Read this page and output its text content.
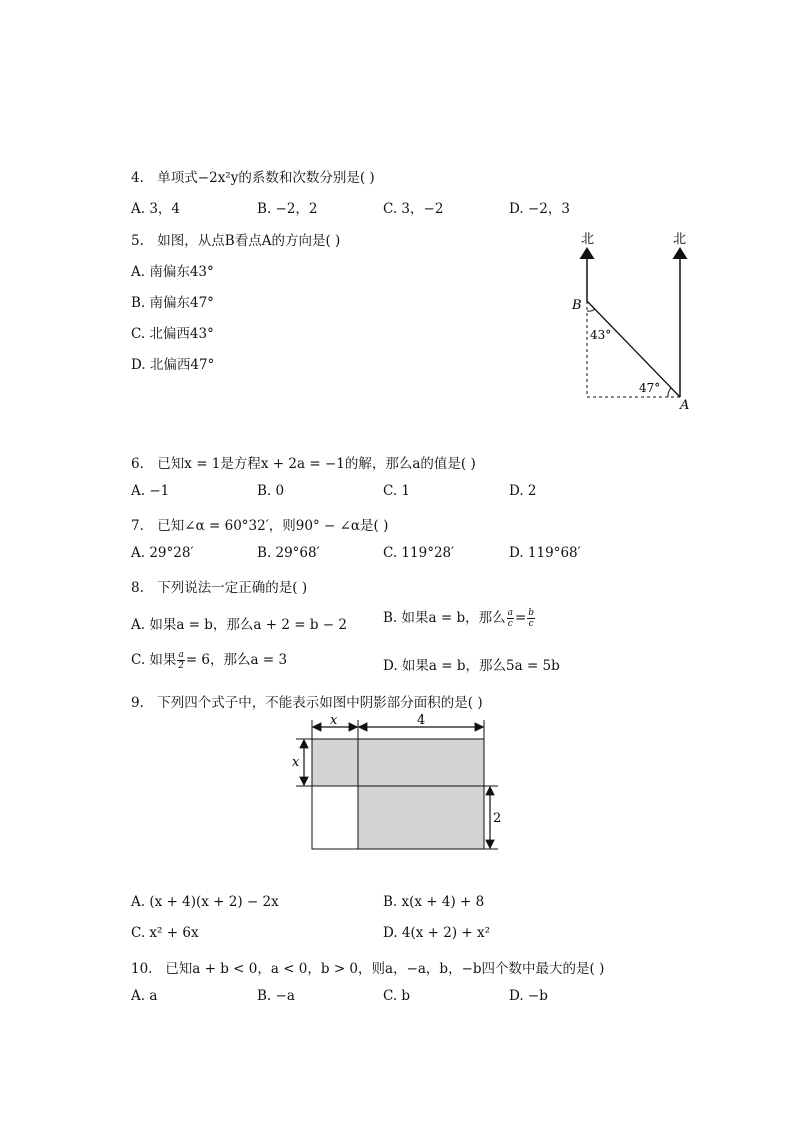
4. 单项式−2x²y的系数和次数分别是( )
A. 3，4	B. −2，2	C. 3，−2	D. −2，3
5. 如图，从点B看点A的方向是( )
A. 南偏东43°
B. 南偏东47°
C. 北偏西43°
D. 北偏西47°
北	北
B
A
43°
47°
6. 已知x = 1是方程x + 2a = −1的解，那么a的值是( )
A. −1	B. 0	C. 1	D. 2
7. 已知∠α = 60°32′，则90° − ∠α是( )
A. 29°28′	B. 29°68′	C. 119°28′	D. 119°68′
8. 下列说法一定正确的是( )
A. 如果a = b，那么a + 2 = b − 2	B. 如果a = b，那么 $\frac{a}{c} = \frac{b}{c}$
C. 如果 $\frac{a}{2} = 6$，那么a = 3	D. 如果a = b，那么5a = 5b
9. 下列四个式子中，不能表示如图中阴影部分面积的是( )
x	4
x
2
A. (x + 4)(x + 2) − 2x	B. x(x + 4) + 8
C. x² + 6x	D. 4(x + 2) + x²
10. 已知a + b < 0，a < 0，b > 0，则a，−a，b，−b四个数中最大的是( )
A. a	B. −a	C. b	D. −b
